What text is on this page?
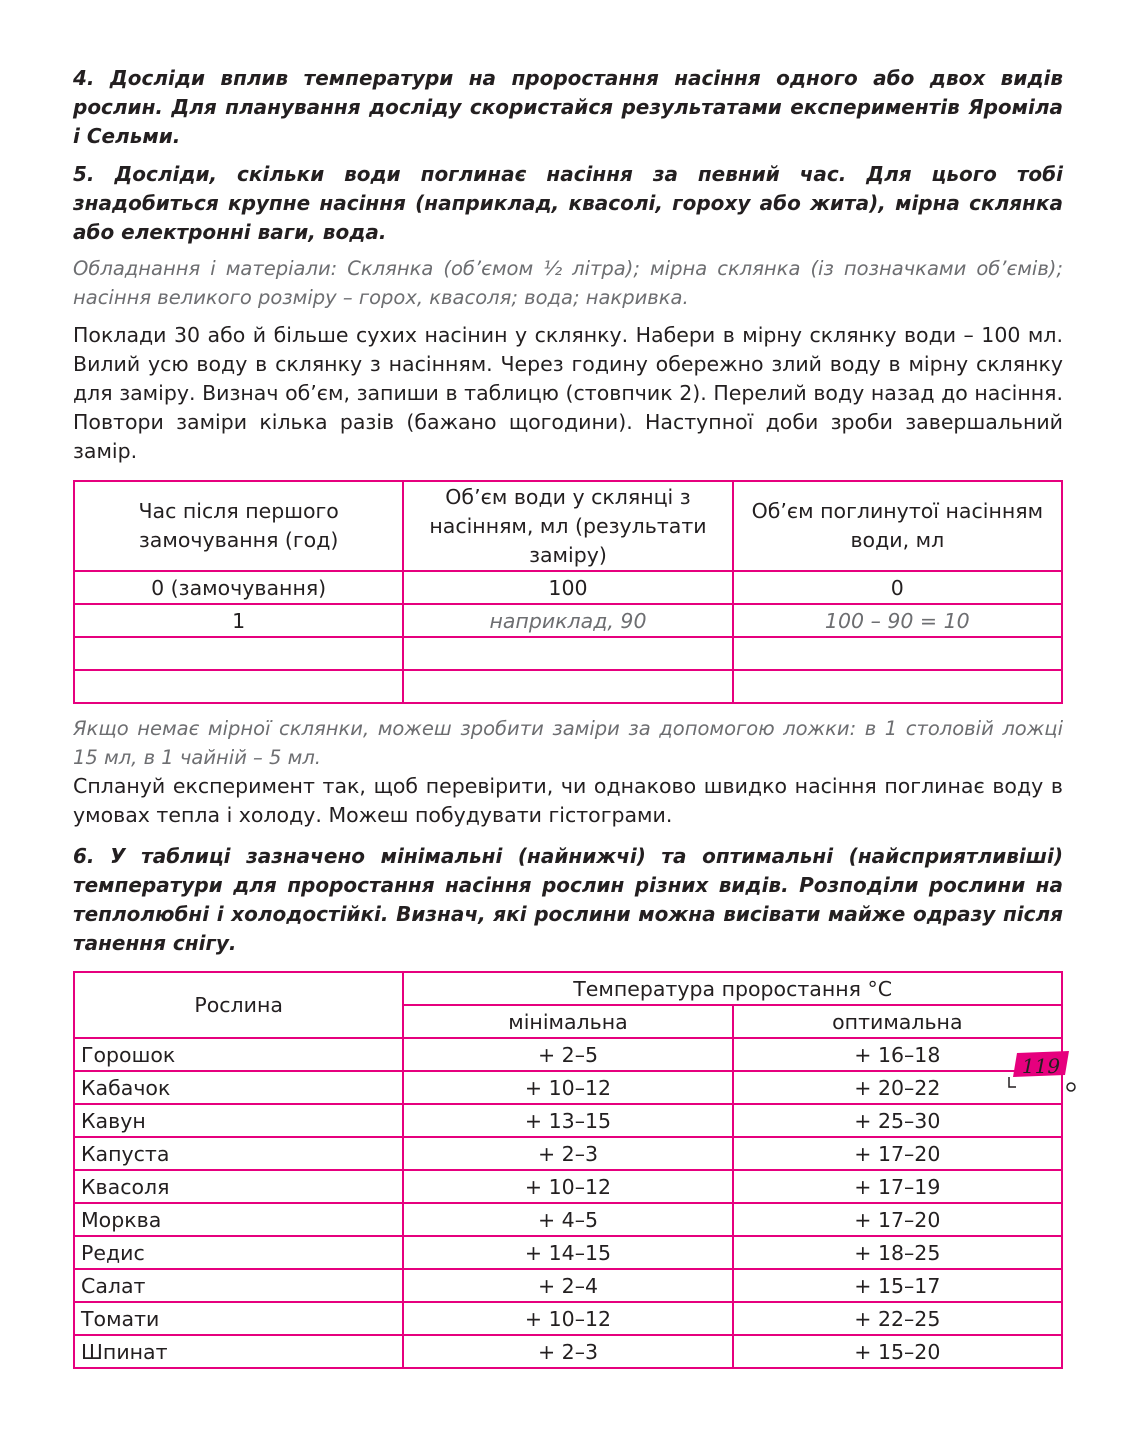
4. Досліди вплив температури на проростання насіння одного або двох видів рослин. Для планування досліду скористайся результатами експериментів Яроміла і Сельми.

5. Досліди, скільки води поглинає насіння за певний час. Для цього тобі знадобиться крупне насіння (наприклад, квасолі, гороху або жита), мірна склянка або електронні ваги, вода.

Обладнання і матеріали: Склянка (об’ємом ½ літра); мірна склянка (із позначками об’ємів); насіння великого розміру – горох, квасоля; вода; накривка.

Поклади 30 або й більше сухих насінин у склянку. Набери в мірну склянку води – 100 мл. Вилий усю воду в склянку з насінням. Через годину обережно злий воду в мірну склянку для заміру. Визнач об’єм, запиши в таблицю (стовпчик 2). Перелий воду назад до насіння. Повтори заміри кілька разів (бажано щогодини). Наступної доби зроби завершальний замір.

Час після першого замочування (год)	Об’єм води у склянці з насінням, мл (результати заміру)	Об’єм поглинутої насінням води, мл
0 (замочування)	100	0
1	наприклад, 90	100 – 90 = 10

Якщо немає мірної склянки, можеш зробити заміри за допомогою ложки: в 1 столовій ложці 15 мл, в 1 чайній – 5 мл.

Сплануй експеримент так, щоб перевірити, чи однаково швидко насіння поглинає воду в умовах тепла і холоду. Можеш побудувати гістограми.

6. У таблиці зазначено мінімальні (найнижчі) та оптимальні (найсприятливіші) температури для проростання насіння рослин різних видів. Розподіли рослини на теплолюбні і холодостійкі. Визнач, які рослини можна висівати майже одразу після танення снігу.

Рослина	Температура проростання °C	
	мінімальна	оптимальна
Горошок	+ 2–5	+ 16–18
Кабачок	+ 10–12	+ 20–22
Кавун	+ 13–15	+ 25–30
Капуста	+ 2–3	+ 17–20
Квасоля	+ 10–12	+ 17–19
Морква	+ 4–5	+ 17–20
Редис	+ 14–15	+ 18–25
Салат	+ 2–4	+ 15–17
Томати	+ 10–12	+ 22–25
Шпинат	+ 2–3	+ 15–20
119
